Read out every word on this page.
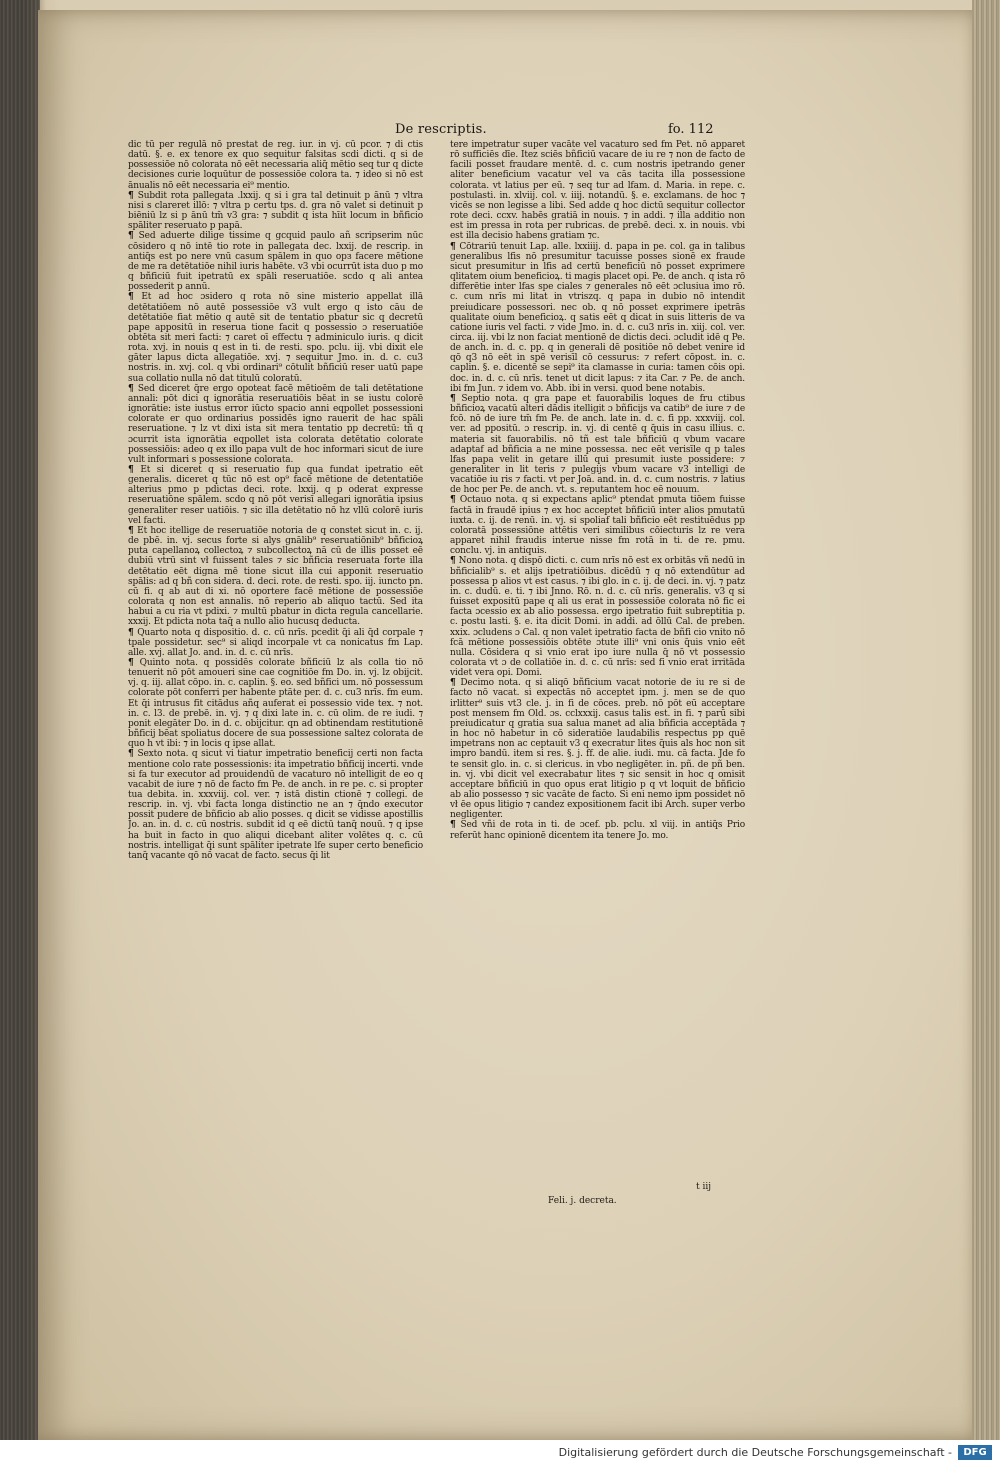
De rescriptis.	fo. 112

dic tū per regulā nō prestat de reg. iur. in vj. cū pcor. ⁊ di ctis datū. §. e. ex tenore ex quo sequitur falsitas scdi dicti. q si de possessiōe nō colorata nō eēt necessaria aliq̄ mētio seq tur q dicte decisiones curie loquūtur de possessiōe colora ta. ⁊ ideo si nō est ānualis nō eēt necessaria ei⁹ mentio.

¶ Subdit rota pallegata .lxxij. q si i gra tal detinuit p ānū ⁊ vltra nisi s clareret illō: ⁊ vltra p certu tps. d. gra nō valet si detinuit p biēniū lz si p ānū tm̄ v3 gra: ⁊ subdit q ista hīit locum in bñficio spāliter reseruato p papā.

¶ Sed aduerte dilige tissime q gcquid paulo añ scripserim nūc cōsidero q nō intē tio rote in pallegata dec. lxxij. de rescrip. in antiq̄s est po nere vnū casum spālem in quo opз facere mētione de me ra detētatiōe nihil iuris habēte. v3 vbi ocurrūt ista duo p mo q bñficiū fuit ipetratū ex spāli reseruatiōe. scdo q ali antea possederit p annū.

¶ Et ad hoc ɔsidero q rota nō sine misterio appellat illā detētatiōem nō autē possessiōe v3 vult ergo q isto cāu de detētatiōe fiat mētio q autē sit de tentatio pbatur sic q decretū pape appositū in reserua tione facit q possessio ɔ reseruatiōe obtēta sit meri facti: ⁊ caret oī effectu ⁊ adminiculo iuris. q dicit rota. xvj. in nouis q est in ti. de resti. spo. pclu. iij. vbi dixit ele gāter lapus dicta allegatiōe. xvj. ⁊ sequitur Jmo. in. d. c. cu3 nostris. in. xvj. col. q vbi ordinari⁹ cōtulit bñficiū reser uatū pape sua collatio nulla nō dat titulū coloratū.

¶ Sed diceret q̄re ergo opoteat facē mētioēm de tali detētatione annali: pōt dici q ignorātia reseruatiōis bēat in se iustu colorē ignorātie: iste iustus error iūcto spacio anni eqpollet possessioni colorate er quo ordinarius possidēs igno rauerit de hac spāli reseruatione. ⁊ lz vt dixi ista sit mera tentatio pp decretū: tñ q ɔcurrit ista ignorātia eqpollet ista colorata detētatio colorate possessiōis: adeo q ex illo papa vult de hoc informari sicut de iure vult informari s possessione colorata.

¶ Et si diceret q si reseruatio fup qua fundat ipetratio eēt generalis. diceret q tūc nō est op⁹ facē mētione de detentatiōe alterius pmo p pdictas deci. rote. lxxij. q p oderat expresse reseruatiōne spālem. scdo q nō pōt verisī allegari ignorātia ipsius generaliter reser uatiōis. ⁊ sic illa detētatio nō hz vllū colorē iuris vel facti.

¶ Et hoc itellige de reseruatiōe notoria de q constet sicut in. c. ij. de pbē. in. vj. secus forte si alys gnālib⁹ reseruatiōnib⁹ bñficioꝝ puta capellanoꝝ collectoꝝ ⁊ subcollectoꝝ nā cū de illis posset eē dubiū vtrū sint vł fuissent tales ⁊ sic bñficia reseruata forte illa detētatio eēt digna mē tione sicut illa cui apponit reseruatio spālis: ad q bñ con sidera. d. deci. rote. de resti. spo. iij. iuncto pn. cū fi. q ab aut di xi. nō oportere facē mētione de possessiōe colorata q non est annalis. nō reperio ab aliquo tactū. Sed ita habui a cu ria vt pdixi. ⁊ multū pbatur in dicta regula cancellarie. xxxij. Et pdicta nota taq̄ a nullo alio hucusq deducta.

¶ Quarto nota q dispositio. d. c. cū nrīs. pcedit q̄i ali q̄d corpale ⁊ tpale possidetur. sec⁹ si aliqd incorpale vt ca nonicatus fm Lap. alle. xvj. allat Jo. and. in. d. c. cū nrīs.

¶ Quinto nota. q possidēs colorate bñficiū lz als colla tio nō tenuerit nō pōt amoueri sine cae cognitiōe fm Do. in. vj. lz obijcit. vj. q. iij. allat cōpo. in. c. caplin. §. eo. sed bñfici um. nō possessum colorate pōt conferri per habente ptāte per. d. c. cu3 nrīs. fm eum. Et q̄i intrusus fit citādus añq auferat ei possessio vide tex. ⁊ not. in. c. l3. de prebē. in. vj. ⁊ q dixi late in. c. cū olim. de re iudi. ⁊ ponit elegāter Do. in d. c. obijcitur. qn ad obtinendam restitutionē bñficij bēat spoliatus docere de sua possessione saltez colorata de quo h vt ibi: ⁊ in locis q ipse allat.

¶ Sexto nota. q sicut vi tiatur impetratio beneficij certi non facta mentione colo rate possessionis: ita impetratio bñficij incerti. vnde si fa tur executor ad prouidendū de vacaturo nō intelligit de eo q vacabit de iure ⁊ nō de facto fm Pe. de anch. in re pe. c. si propter tua debita. in. xxxviij. col. ver. ⁊ istā distin ctionē ⁊ collegi. de rescrip. in. vj. vbi facta longa distinctio ne an ⁊ q̄ndo executor possit pudere de bñficio ab alio posses. q dicit se vidisse apostillis Jo. an. in. d. c. cū nostris. subdit id q eē dictū tanq̄ nouū. ⁊ q ipse ha buit in facto in quo aliqui dicebant aliter volētes q. c. cū nostris. intelligat q̄i sunt spāliter ipetrate lfe super certo beneficio tanq̄ vacante qō nō vacat de facto. secus q̄i lit

tere impetratur super vacāte vel vacaturo sed fm Pet. nō apparet rō sufficiēs dīe. Itez sciēs bñficiū vacare de iu re ⁊ non de facto de facili posset fraudare mentē. d. c. cum nostris ipetrando gener aliter beneficium vacatur vel va cās tacita illa possessione colorata. vt latius per eū. ⁊ seq tur ad lfam. d. Maria. in repe. c. postulasti. in. xlviij. col. v. iiij. notandū. §. e. exclamans. de hoc ⁊ vicēs se non legisse a libi. Sed adde q hoc dictū sequitur collector rote deci. ccxv. habēs gratiā in nouis. ⁊ in addi. ⁊ illa additio non est im pressa in rota per rubricas. de prebē. deci. x. in nouis. vbi est illa decisio habens gratiam ⁊c.

¶ Cōtrariū tenuit Lap. alle. lxxiiij. d. papa in pe. col. ga in talibus generalibus lfis nō presumitur tacuisse posses sionē ex fraude sicut presumitur in lfis ad certū beneficiū nō posset exprimere qlitatem oium beneficioꝝ. ti magis placet opi. Pe. de anch. q ista rō differētie inter lfas spe ciales ⁊ generales nō eēt ɔclusiua imo rō. c. cum nrīs mi litat in vtriszq. q papa in dubio nō intendit preiudicare possessori. nec ob. q nō posset exprimere ipetrās qualitate oium beneficioꝝ. q satis eēt q dicat in suis litteris de va catione iuris vel facti. ⁊ vide Jmo. in. d. c. cu3 nrīs in. xiij. col. ver. circa. iij. vbi lz non faciat mentionē de dictis deci. ɔcludit idē q Pe. de anch. in. d. c. pp. q in generali dē positiōe nō debet venire id qō q3 nō eēt in spē verisīl cō cessurus: ⁊ refert cōpost. in. c. caplin. §. e. dicentē se sepi⁹ ita clamasse in curia: tamen cōis opi. doc. in. d. c. cū nrīs. tenet ut dicit lapus: ⁊ ita Car. ⁊ Pe. de anch. ibi fm Jun. ⁊ idem vo. Abb. ibi in versi. quod bene notabis.

¶ Septio nota. q gra pape et fauorabilis loques de fru ctibus bñficioꝝ vacatū alteri dādis itelligit ɔ bñficijs va catib⁹ de iure ⁊ de fcō. nō de iure tm̄ fm Pe. de anch. late in. d. c. fi pp. xxxviij. col. ver. ad ppositū. ɔ rescrip. in. vj. di centē q q̄uis in casu illius. c. materia sit fauorabilis. nō tñ est tale bñficiū q vbum vacare adaptaf ad bñficia a ne mine possessa. nec eēt verisīle q p tales lfas papa velit in getare illū qui presumit iuste possidere: ⁊ generaliter in lit teris ⁊ pulegijs vbum vacare v3 intelligi de vacatiōe iu ris ⁊ facti. vt per Joā. and. in. d. c. cum nostris. ⁊ latius de hoc per Pe. de anch. vt. s. reputantem hoc eē nouum.

¶ Octauo nota. q si expectans aplic⁹ ptendat pmuta tiōem fuisse factā in fraudē ipius ⁊ ex hoc acceptet bñficiū inter alios pmutatū iuxta. c. ij. de renū. in. vj. si spoliaf tali bñficio eēt restituēdus pp coloratā possessiōne attētis veri similibus cōiecturis lz re vera apparet nihil fraudis interue nisse fm rotā in ti. de re. pmu. conclu. vj. in antiquis.

¶ Nono nota. q dispō dicti. c. cum nrīs nō est ex orbitās vñ nedū in bñficialib⁹ s. et alijs ipetratiōibus. dicēdū ⁊ q nō extendūtur ad possessa p alios vt est casus. ⁊ ibi glo. in c. ij. de deci. in. vj. ⁊ patz in. c. dudū. e. ti. ⁊ ibi Jnno. Rō. n. d. c. cū nrīs. generalis. v3 q si fuisset expositū pape q ali us erat in possessiōe colorata nō fic ei facta ɔcessio ex ab alio possessa. ergo ipetratio fuit subreptitia p. c. postu lasti. §. e. ita dicit Domi. in addi. ad ōllū Cal. de preben. xxix. ɔcludens ɔ Cal. q non valet ipetratio facta de bñfi cio vnito nō fcā mētione possessiōis obtēte ɔtute illi⁹ vni onis q̄uis vnio eēt nulla. Cōsidera q si vnio erat ipo iure nulla q̄ nō vt possessio colorata vt ɔ de collatiōe in. d. c. cū nrīs: sed fi vnio erat irritāda videt vera opi. Domi.

¶ Decimo nota. q si aliqō bñficium vacat notorie de iu re si de facto nō vacat. si expectās nō acceptet ipm. j. men se de quo irlitter⁹ suis vt3 cle. j. in fi de cōces. preb. nō pōt eū acceptare post mensem fm Old. ɔs. cclxxxij. casus talis est. in fi. ⁊ parū sibi preiudicatur q gratia sua salua manet ad alia bñficia acceptāda ⁊ in hoc nō habetur in cō sideratiōe laudabilis respectus pp quē impetrans non ac ceptauit v3 q execratur lites q̄uis als hoc non sit impro bandū. item si res. §. j. ff. de alie. iudi. mu. cā facta. Jde fo te sensit glo. in. c. si clericus. in vbo negligēter. in. pñ. de pñ ben. in. vj. vbi dicit vel execrabatur lites ⁊ sic sensit in hoc q omisit acceptare bñficiū in quo opus erat litigio p q vt loquit de bñficio ab alio possesso ⁊ sic vacāte de facto. Si eni nemo ipm possidet nō vł ēe opus litigio ⁊ candez expositionem facit ibi Arch. super verbo negligenter.

¶ Sed vñi de rota in ti. de ɔcef. pb. pclu. xl viij. in antiq̄s Prio referūt hanc opinionē dicentem ita tenere Jo. mo.

Feli. j. decreta.
t iij
Digitalisierung gefördert durch die Deutsche Forschungsgemeinschaft -	DFG
